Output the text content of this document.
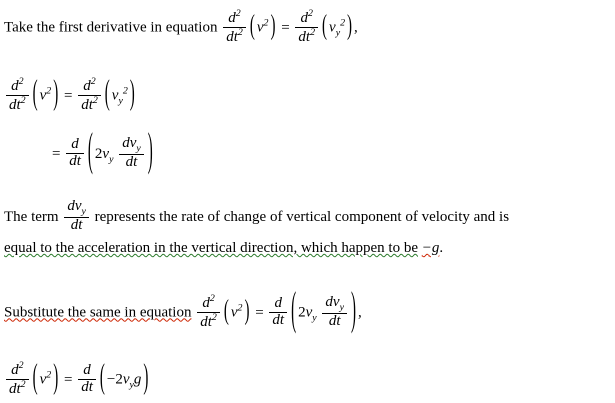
Take the first derivative in equation $\frac{d^2}{dt^2}$ ( $v^2$ ) = $\frac{d^2}{dt^2}$ ( $v_y^2$ ) ,
$\frac{d^2}{dt^2}$ ( $v^2$ ) = $\frac{d^2}{dt^2}$ ( $v_y^2$ )
= $\frac{d}{dt}$ ( $2v_y \frac{dv_y}{dt}$ )
The term $\frac{dv_y}{dt}$ represents the rate of change of vertical component of velocity and is
equal to the acceleration in the vertical direction, which happen to be −g.
Substitute the same in equation $\frac{d^2}{dt^2}$ ( $v^2$ ) = $\frac{d}{dt}$ ( $2v_y \frac{dv_y}{dt}$ ) ,
$\frac{d^2}{dt^2}$ ( $v^2$ ) = $\frac{d}{dt}$ ( $-2v_yg$ )
